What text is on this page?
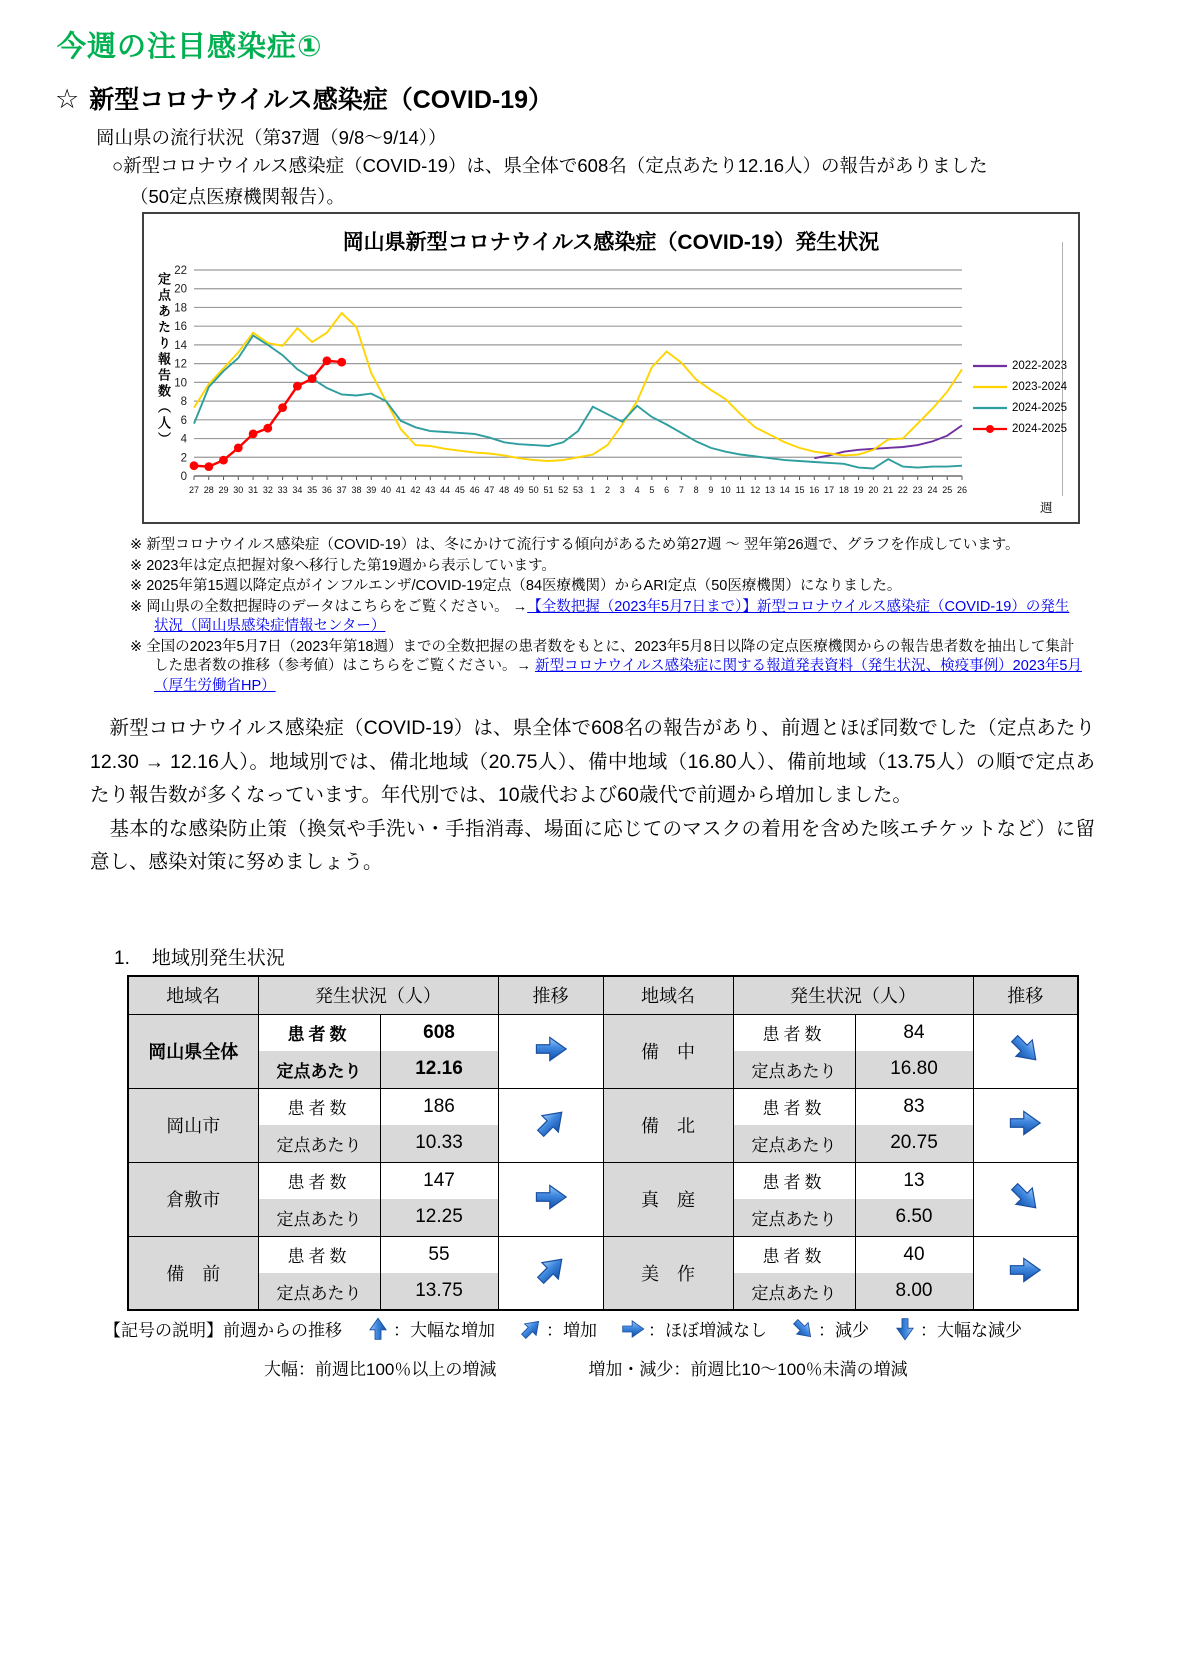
今週の注目感染症①
☆ 新型コロナウイルス感染症（COVID-19）
岡山県の流行状況（第37週（9/8～9/14））
○新型コロナウイルス感染症（COVID-19）は、県全体で608名（定点あたり12.16人）の報告がありました
（50定点医療機関報告）。
岡山県新型コロナウイルス感染症（COVID-19）発生状況
定点あたり報告数（人）
0
2
4
6
8
10
12
14
16
18
20
22
27 28 29 30 31 32 33 34 35 36 37 38 39 40 41 42 43 44 45 46 47 48 49 50 51 52 53 1 2 3 4 5 6 7 8 9 10 11 12 13 14 15 16 17 18 19 20 21 22 23 24 25 26
2022-2023
2023-2024
2024-2025
2024-2025
週
※ 新型コロナウイルス感染症（COVID-19）は、冬にかけて流行する傾向があるため第27週 ～ 翌年第26週で、グラフを作成しています。
※ 2023年は定点把握対象へ移行した第19週から表示しています。
※ 2025年第15週以降定点がインフルエンザ/COVID-19定点（84医療機関）からARI定点（50医療機関）になりました。
※ 岡山県の全数把握時のデータはこちらをご覧ください。 →【全数把握（2023年5月7日まで）】新型コロナウイルス感染症（COVID-19）の発生状況（岡山県感染症情報センター）
※ 全国の2023年5月7日（2023年第18週）までの全数把握の患者数をもとに、2023年5月8日以降の定点医療機関からの報告患者数を抽出して集計した患者数の推移（参考値）はこちらをご覧ください。→ 新型コロナウイルス感染症に関する報道発表資料（発生状況、検疫事例）2023年5月（厚生労働省HP）

新型コロナウイルス感染症（COVID-19）は、県全体で608名の報告があり、前週とほぼ同数でした（定点あたり12.30 → 12.16人）。地域別では、備北地域（20.75人）、備中地域（16.80人）、備前地域（13.75人）の順で定点あたり報告数が多くなっています。年代別では、10歳代および60歳代で前週から増加しました。

基本的な感染防止策（換気や手洗い・手指消毒、場面に応じてのマスクの着用を含めた咳エチケットなど）に留意し、感染対策に努めましょう。

1. 地域別発生状況
地域名	発生状況（人）		推移	地域名	発生状況（人）		推移
岡山県全体	患者数	608		備　中	患者数	84	
	定点あたり	12.16			定点あたり	16.80	
岡山市	患者数	186		備　北	患者数	83	
	定点あたり	10.33			定点あたり	20.75	
倉敷市	患者数	147		真　庭	患者数	13	
	定点あたり	12.25			定点あたり	6.50	
備　前	患者数	55		美　作	患者数	40	
	定点あたり	13.75			定点あたり	8.00	
【記号の説明】前週からの推移	：大幅な増加	：増加	：ほぼ増減なし	：減少	：大幅な減少
大幅：前週比100％以上の増減	増加・減少：前週比10～100％未満の増減
